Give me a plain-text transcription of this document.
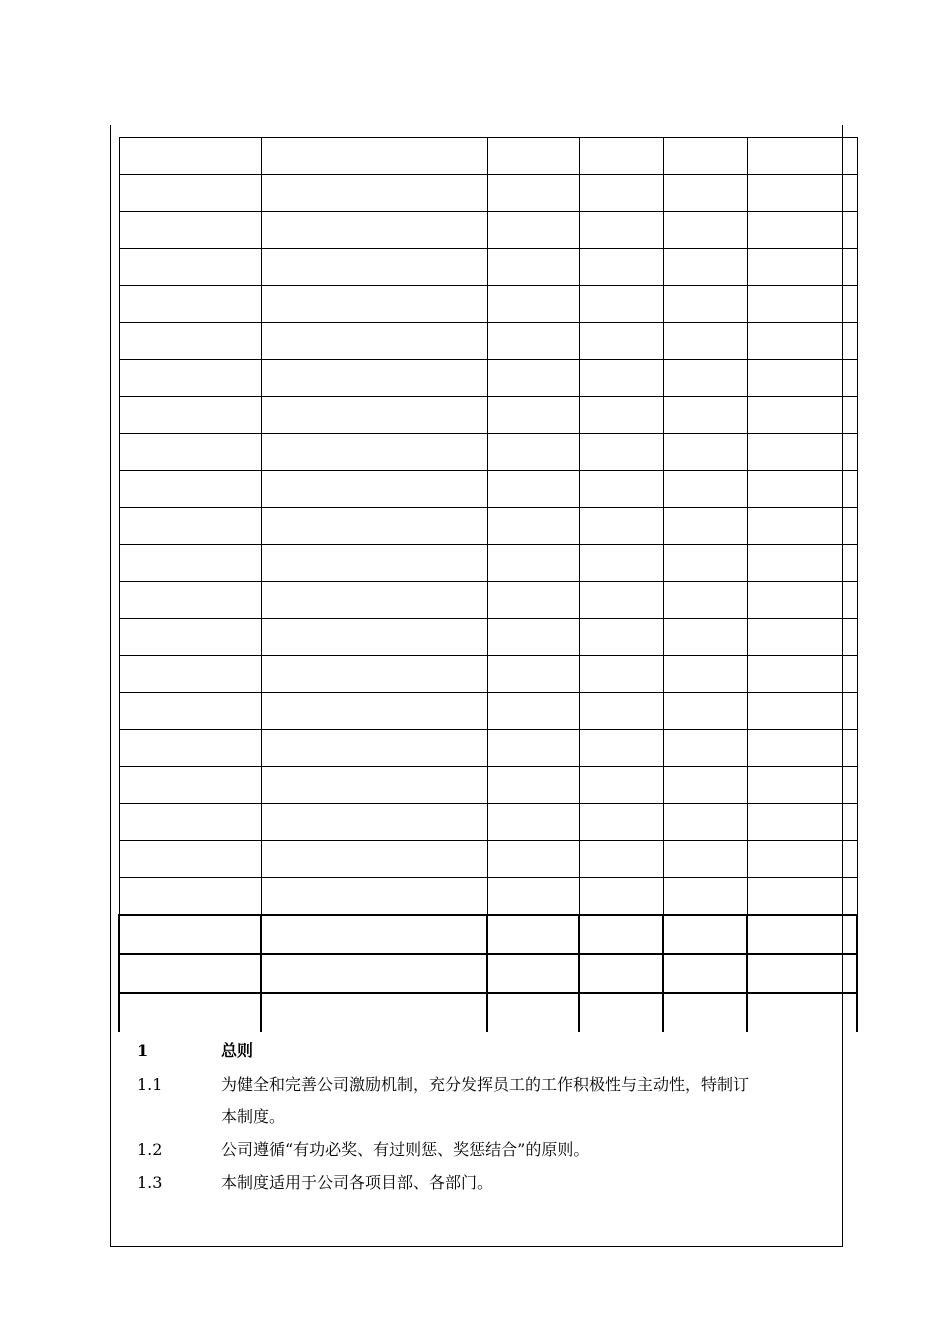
1	总则
1.1	为健全和完善公司激励机制，充分发挥员工的工作积极性与主动性，特制订
本制度。
1.2	公司遵循“有功必奖、有过则惩、奖惩结合”的原则。
1.3	本制度适用于公司各项目部、各部门。
